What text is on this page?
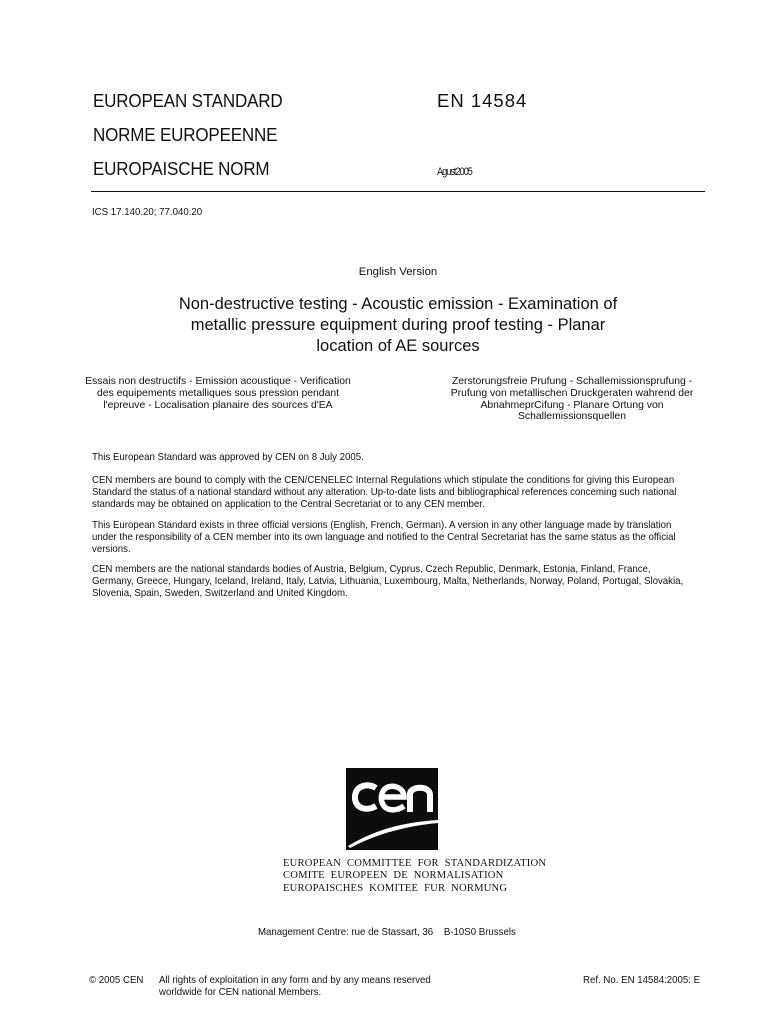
EUROPEAN STANDARD
NORME EUROPEENNE
EUROPAISCHE NORM
EN 14584
Agust2005
ICS 17.140.20; 77.040.20
English Version
Non-destructive testing - Acoustic emission - Examination of
metallic pressure equipment during proof testing - Planar
location of AE sources
Essais non destructifs - Emission acoustique - Verification
des equipements metalliques sous pression pendant
l'epreuve - Localisation planaire des sources d'EA
Zerstorungsfreie Prufung - Schallemissionsprufung -
Prufung von metallischen Druckgeraten wahrend der
AbnahmeprCifung - Planare Ortung von
Schallemissionsquellen
This European Standard was approved by CEN on 8 July 2005.
CEN members are bound to comply with the CEN/CENELEC Internal Regulations which stipulate the conditions for giving this European
Standard the status of a national standard without any alteration. Up-to-date lists and bibliographical references conceming such national
standards may be obtained on application to the Central Secretariat or to any CEN member.
This European Standard exists in three official versions (English, French, German). A version in any other language made by translation
under the responsibility of a CEN member into its own language and notified to the Central Secretariat has the same status as the official
versions.
CEN members are the national standards bodies of Austria, Belgium, Cyprus, Czech Republic, Denmark, Estonia, Finland, France,
Germany, Greece, Hungary, Iceland, Ireland, Italy, Latvia, Lithuania, Luxembourg, Malta, Netherlands, Norway, Poland, Portugal, Slovakia,
Slovenia, Spain, Sweden, Switzerland and United Kingdom.
EUROPEAN COMMITTEE FOR STANDARDIZATION
COMITE EUROPEEN DE NORMALISATION
EUROPAISCHES KOMITEE FUR NORMUNG
Management Centre: rue de Stassart, 36    B-10S0 Brussels
© 2005 CEN All rights of exploitation in any form and by any means reserved
worldwide for CEN national Members.
Ref. No. EN 14584:2005: E
